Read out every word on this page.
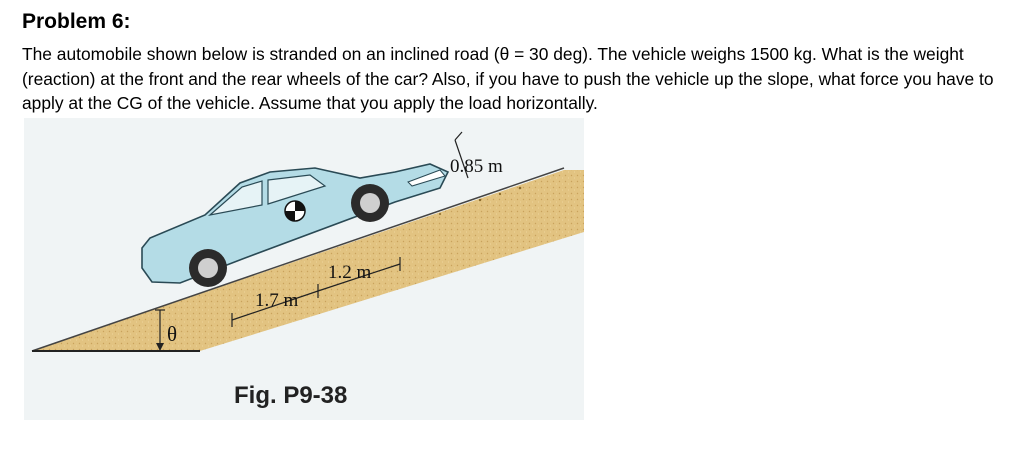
Problem 6:

The automobile shown below is stranded on an inclined road (θ = 30 deg). The vehicle weighs 1500 kg. What is the weight (reaction) at the front and the rear wheels of the car? Also, if you have to push the vehicle up the slope, what force you have to apply at the CG of the vehicle. Assume that you apply the load horizontally.

1.7 m
1.2 m
0.85 m
θ
Fig. P9-38
